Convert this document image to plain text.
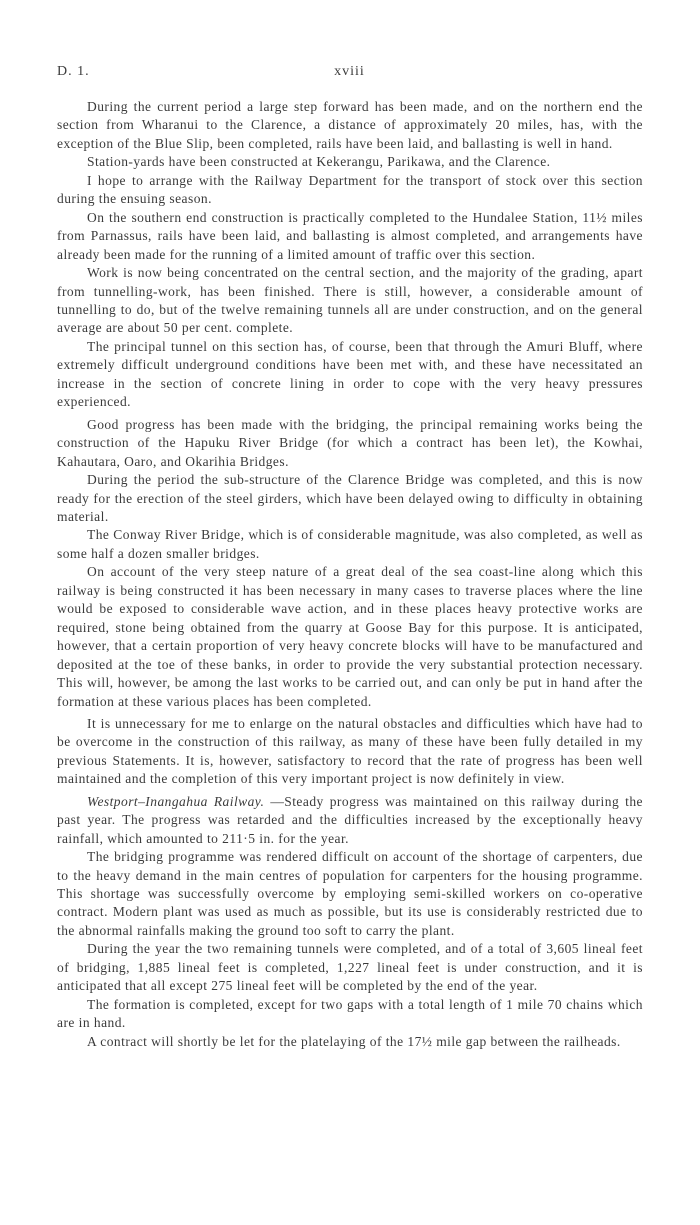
D. 1.	xviii

During the current period a large step forward has been made, and on the northern end the section from Wharanui to the Clarence, a distance of approximately 20 miles, has, with the exception of the Blue Slip, been completed, rails have been laid, and ballasting is well in hand.

Station-yards have been constructed at Kekerangu, Parikawa, and the Clarence.

I hope to arrange with the Railway Department for the transport of stock over this section during the ensuing season.

On the southern end construction is practically completed to the Hundalee Station, 11½ miles from Parnassus, rails have been laid, and ballasting is almost completed, and arrangements have already been made for the running of a limited amount of traffic over this section.

Work is now being concentrated on the central section, and the majority of the grading, apart from tunnelling-work, has been finished. There is still, however, a considerable amount of tunnelling to do, but of the twelve remaining tunnels all are under construction, and on the general average are about 50 per cent. complete.

The principal tunnel on this section has, of course, been that through the Amuri Bluff, where extremely difficult underground conditions have been met with, and these have necessitated an increase in the section of concrete lining in order to cope with the very heavy pressures experienced.

Good progress has been made with the bridging, the principal remaining works being the construction of the Hapuku River Bridge (for which a contract has been let), the Kowhai, Kahautara, Oaro, and Okarihia Bridges.

During the period the sub-structure of the Clarence Bridge was completed, and this is now ready for the erection of the steel girders, which have been delayed owing to difficulty in obtaining material.

The Conway River Bridge, which is of considerable magnitude, was also completed, as well as some half a dozen smaller bridges.

On account of the very steep nature of a great deal of the sea coast-line along which this railway is being constructed it has been necessary in many cases to traverse places where the line would be exposed to considerable wave action, and in these places heavy protective works are required, stone being obtained from the quarry at Goose Bay for this purpose. It is anticipated, however, that a certain proportion of very heavy concrete blocks will have to be manufactured and deposited at the toe of these banks, in order to provide the very substantial protection necessary. This will, however, be among the last works to be carried out, and can only be put in hand after the formation at these various places has been completed.

It is unnecessary for me to enlarge on the natural obstacles and difficulties which have had to be overcome in the construction of this railway, as many of these have been fully detailed in my previous Statements. It is, however, satisfactory to record that the rate of progress has been well maintained and the completion of this very important project is now definitely in view.

Westport–Inangahua Railway. —Steady progress was maintained on this railway during the past year. The progress was retarded and the difficulties increased by the exceptionally heavy rainfall, which amounted to 211·5 in. for the year.

The bridging programme was rendered difficult on account of the shortage of carpenters, due to the heavy demand in the main centres of population for carpenters for the housing programme. This shortage was successfully overcome by employing semi-skilled workers on co-operative contract. Modern plant was used as much as possible, but its use is considerably restricted due to the abnormal rainfalls making the ground too soft to carry the plant.

During the year the two remaining tunnels were completed, and of a total of 3,605 lineal feet of bridging, 1,885 lineal feet is completed, 1,227 lineal feet is under construction, and it is anticipated that all except 275 lineal feet will be completed by the end of the year.

The formation is completed, except for two gaps with a total length of 1 mile 70 chains which are in hand.

A contract will shortly be let for the platelaying of the 17½ mile gap between the railheads.
